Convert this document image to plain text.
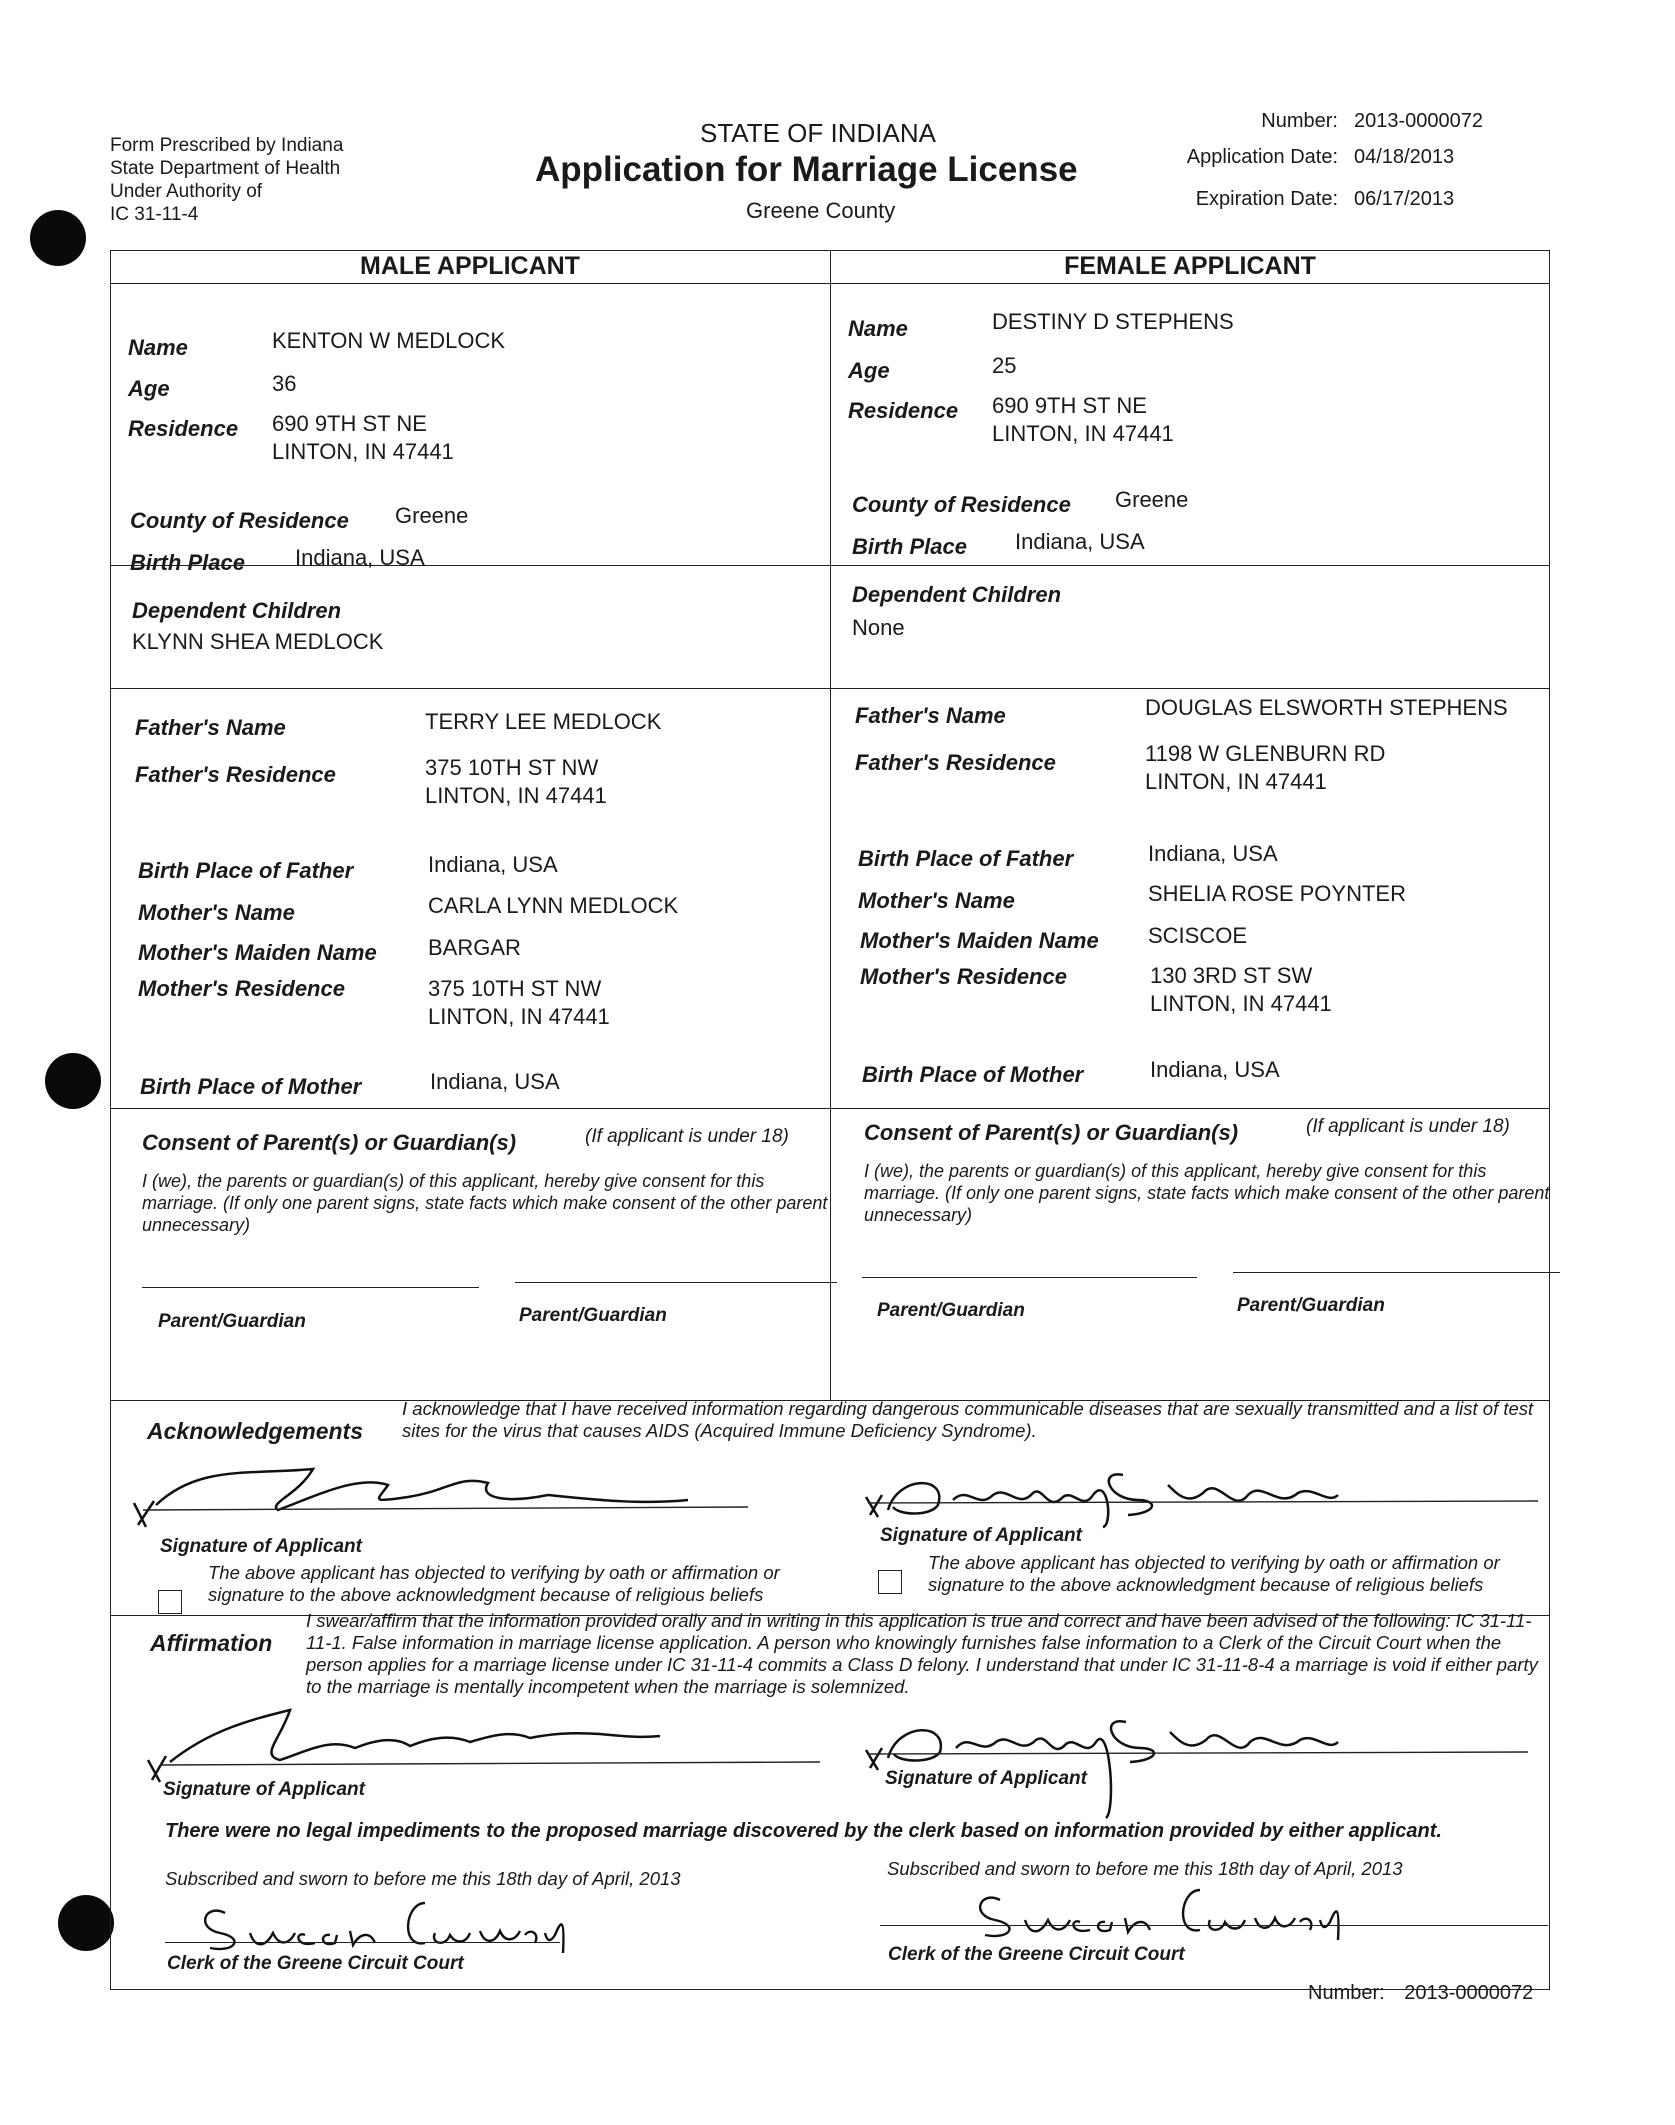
Form Prescribed by Indiana
State Department of Health
Under Authority of
IC 31-11-4
STATE OF INDIANA
Application for Marriage License
Greene County
Number: 2013-0000072
Application Date: 04/18/2013
Expiration Date: 06/17/2013
MALE APPLICANT	FEMALE APPLICANT
Name	KENTON W MEDLOCK
Age	36
Residence 690 9TH ST NE
LINTON, IN 47441
County of Residence Greene
Birth Place Indiana, USA
Dependent Children
KLYNN SHEA MEDLOCK
Father's Name	TERRY LEE MEDLOCK
Father's Residence	375 10TH ST NW
LINTON, IN 47441
Birth Place of Father	Indiana, USA
Mother's Name	CARLA LYNN MEDLOCK
Mother's Maiden Name BARGAR
Mother's Residence	375 10TH ST NW
LINTON, IN 47441
Birth Place of Mother	Indiana, USA
Name	DESTINY D STEPHENS
Age	25
Residence 690 9TH ST NE
LINTON, IN 47441
County of Residence Greene
Birth Place Indiana, USA
Dependent Children
None
Father's Name	DOUGLAS ELSWORTH STEPHENS
Father's Residence	1198 W GLENBURN RD
LINTON, IN 47441
Birth Place of Father	Indiana, USA
Mother's Name	SHELIA ROSE POYNTER
Mother's Maiden Name SCISCOE
Mother's Residence	130 3RD ST SW
LINTON, IN 47441
Birth Place of Mother	Indiana, USA
Consent of Parent(s) or Guardian(s)	(If applicant is under 18)
I (we), the parents or guardian(s) of this applicant, hereby give consent for this marriage. (If only one parent signs, state facts which make consent of the other parent unnecessary)
Parent/Guardian	Parent/Guardian
Consent of Parent(s) or Guardian(s)	(If applicant is under 18)
I (we), the parents or guardian(s) of this applicant, hereby give consent for this marriage. (If only one parent signs, state facts which make consent of the other parent unnecessary)
Parent/Guardian	Parent/Guardian
Acknowledgements
I acknowledge that I have received information regarding dangerous communicable diseases that are sexually transmitted and a list of test sites for the virus that causes AIDS (Acquired Immune Deficiency Syndrome).
Signature of Applicant
Signature of Applicant
The above applicant has objected to verifying by oath or affirmation or signature to the above acknowledgment because of religious beliefs
The above applicant has objected to verifying by oath or affirmation or signature to the above acknowledgment because of religious beliefs
Affirmation
I swear/affirm that the information provided orally and in writing in this application is true and correct and have been advised of the following: IC 31-11-11-1. False information in marriage license application. A person who knowingly furnishes false information to a Clerk of the Circuit Court when the person applies for a marriage license under IC 31-11-4 commits a Class D felony. I understand that under IC 31-11-8-4 a marriage is void if either party to the marriage is mentally incompetent when the marriage is solemnized.
Signature of Applicant
Signature of Applicant
There were no legal impediments to the proposed marriage discovered by the clerk based on information provided by either applicant.
Subscribed and sworn to before me this 18th day of April, 2013
Clerk of the Greene Circuit Court
Subscribed and sworn to before me this 18th day of April, 2013
Clerk of the Greene Circuit Court
Number: 2013-0000072
